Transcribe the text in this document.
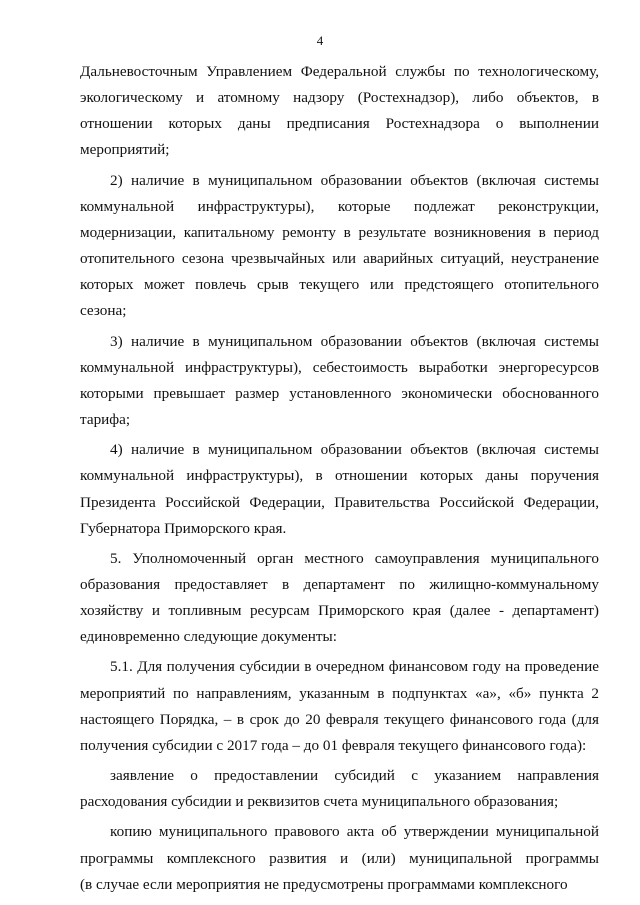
4
Дальневосточным Управлением Федеральной службы по технологическому,
экологическому и атомному надзору (Ростехнадзор), либо объектов, в
отношении которых даны предписания Ростехнадзора о выполнении
мероприятий;
2) наличие в муниципальном образовании объектов (включая системы
коммунальной инфраструктуры), которые подлежат реконструкции,
модернизации, капитальному ремонту в результате возникновения в период
отопительного сезона чрезвычайных или аварийных ситуаций, неустранение
которых может повлечь срыв текущего или предстоящего отопительного
сезона;
3) наличие в муниципальном образовании объектов (включая системы
коммунальной инфраструктуры), себестоимость выработки энергоресурсов
которыми превышает размер установленного экономически обоснованного
тарифа;
4) наличие в муниципальном образовании объектов (включая системы
коммунальной инфраструктуры), в отношении которых даны поручения
Президента Российской Федерации, Правительства Российской Федерации,
Губернатора Приморского края.
5. Уполномоченный орган местного самоуправления муниципального
образования предоставляет в департамент по жилищно-коммунальному
хозяйству и топливным ресурсам Приморского края (далее - департамент)
единовременно следующие документы:
5.1. Для получения субсидии в очередном финансовом году на проведение
мероприятий по направлениям, указанным в подпунктах «а», «б» пункта 2
настоящего Порядка, – в срок до 20 февраля текущего финансового года (для
получения субсидии с 2017 года – до 01 февраля текущего финансового года):
заявление о предоставлении субсидий с указанием направления
расходования субсидии и реквизитов счета муниципального образования;
копию муниципального правового акта об утверждении муниципальной
программы комплексного развития и (или) муниципальной программы
(в случае если мероприятия не предусмотрены программами комплексного
